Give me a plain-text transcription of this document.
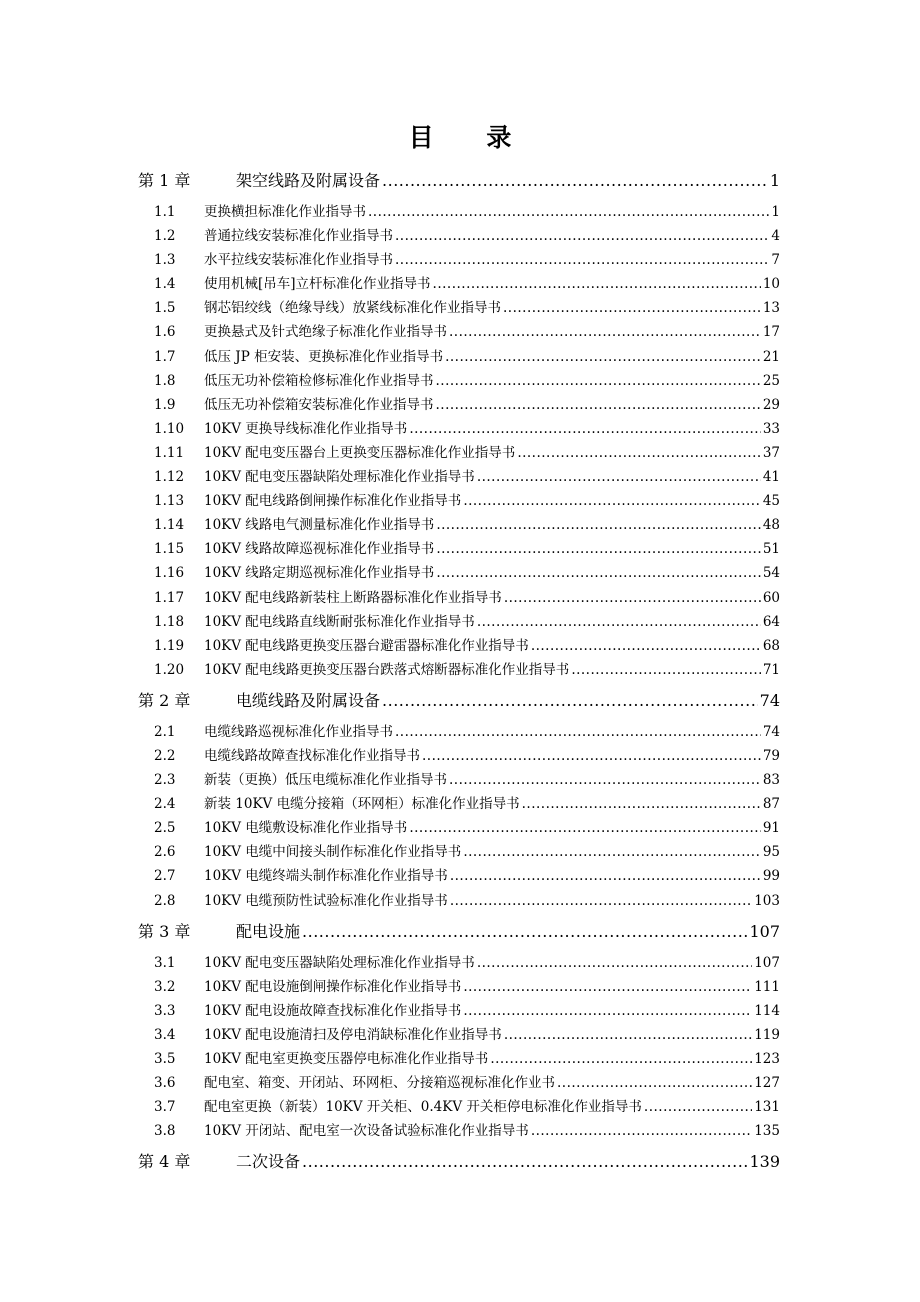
目 录
第 1 章	架空线路及附属设备 .....	1
1.1	更换横担标准化作业指导书 .....	1
1.2	普通拉线安装标准化作业指导书 .....	4
1.3	水平拉线安装标准化作业指导书 .....	7
1.4	使用机械[吊车]立杆标准化作业指导书 .....	10
1.5	钢芯铝绞线（绝缘导线）放紧线标准化作业指导书 .....	13
1.6	更换悬式及针式绝缘子标准化作业指导书 .....	17
1.7	低压 JP 柜安装、更换标准化作业指导书 .....	21
1.8	低压无功补偿箱检修标准化作业指导书 .....	25
1.9	低压无功补偿箱安装标准化作业指导书 .....	29
1.10	10KV 更换导线标准化作业指导书 .....	33
1.11	10KV 配电变压器台上更换变压器标准化作业指导书 .....	37
1.12	10KV 配电变压器缺陷处理标准化作业指导书 .....	41
1.13	10KV 配电线路倒闸操作标准化作业指导书 .....	45
1.14	10KV 线路电气测量标准化作业指导书 .....	48
1.15	10KV 线路故障巡视标准化作业指导书 .....	51
1.16	10KV 线路定期巡视标准化作业指导书 .....	54
1.17	10KV 配电线路新装柱上断路器标准化作业指导书 .....	60
1.18	10KV 配电线路直线断耐张标准化作业指导书 .....	64
1.19	10KV 配电线路更换变压器台避雷器标准化作业指导书 .....	68
1.20	10KV 配电线路更换变压器台跌落式熔断器标准化作业指导书 .....	71
第 2 章	电缆线路及附属设备 .....	74
2.1	电缆线路巡视标准化作业指导书 .....	74
2.2	电缆线路故障查找标准化作业指导书 .....	79
2.3	新装（更换）低压电缆标准化作业指导书 .....	83
2.4	新装 10KV 电缆分接箱（环网柜）标准化作业指导书 .....	87
2.5	10KV 电缆敷设标准化作业指导书 .....	91
2.6	10KV 电缆中间接头制作标准化作业指导书 .....	95
2.7	10KV 电缆终端头制作标准化作业指导书 .....	99
2.8	10KV 电缆预防性试验标准化作业指导书 .....	103
第 3 章	配电设施 .....	107
3.1	10KV 配电变压器缺陷处理标准化作业指导书 .....	107
3.2	10KV 配电设施倒闸操作标准化作业指导书 .....	111
3.3	10KV 配电设施故障查找标准化作业指导书 .....	114
3.4	10KV 配电设施清扫及停电消缺标准化作业指导书 .....	119
3.5	10KV 配电室更换变压器停电标准化作业指导书 .....	123
3.6	配电室、箱变、开闭站、环网柜、分接箱巡视标准化作业书 .....	127
3.7	配电室更换（新装）10KV 开关柜、0.4KV 开关柜停电标准化作业指导书 .....	131
3.8	10KV 开闭站、配电室一次设备试验标准化作业指导书 .....	135
第 4 章	二次设备 .....	139
